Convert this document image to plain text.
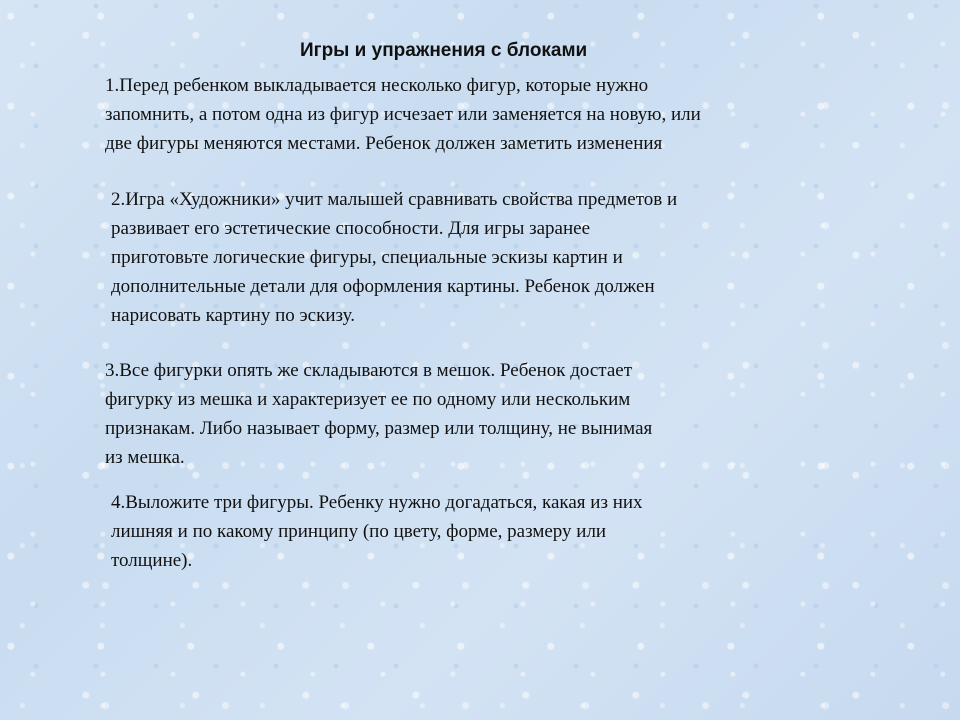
Игры и упражнения с блоками

1.Перед ребенком выкладывается несколько фигур, которые нужно
запомнить, а потом одна из фигур исчезает или заменяется на новую, или
две фигуры меняются местами. Ребенок должен заметить изменения

2.Игра «Художники» учит малышей сравнивать свойства предметов и
развивает его эстетические способности. Для игры заранее
приготовьте логические фигуры, специальные эскизы картин и
дополнительные детали для оформления картины. Ребенок должен
нарисовать картину по эскизу.

3.Все фигурки опять же складываются в мешок. Ребенок достает
фигурку из мешка и характеризует ее по одному или нескольким
признакам. Либо называет форму, размер или толщину, не вынимая
из мешка.

4.Выложите три фигуры. Ребенку нужно догадаться, какая из них
лишняя и по какому принципу (по цвету, форме, размеру или
толщине).
